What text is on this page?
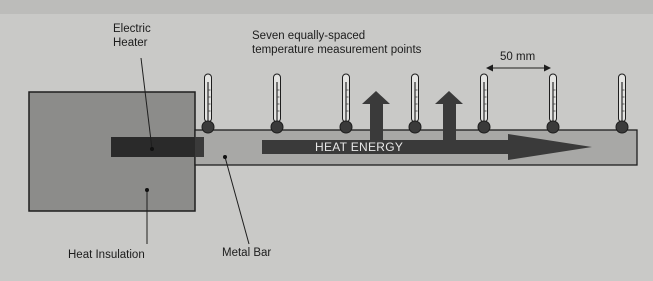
Electric
Heater
Seven equally-spaced
temperature measurement points
50 mm
HEAT ENERGY
Heat Insulation	Metal Bar
